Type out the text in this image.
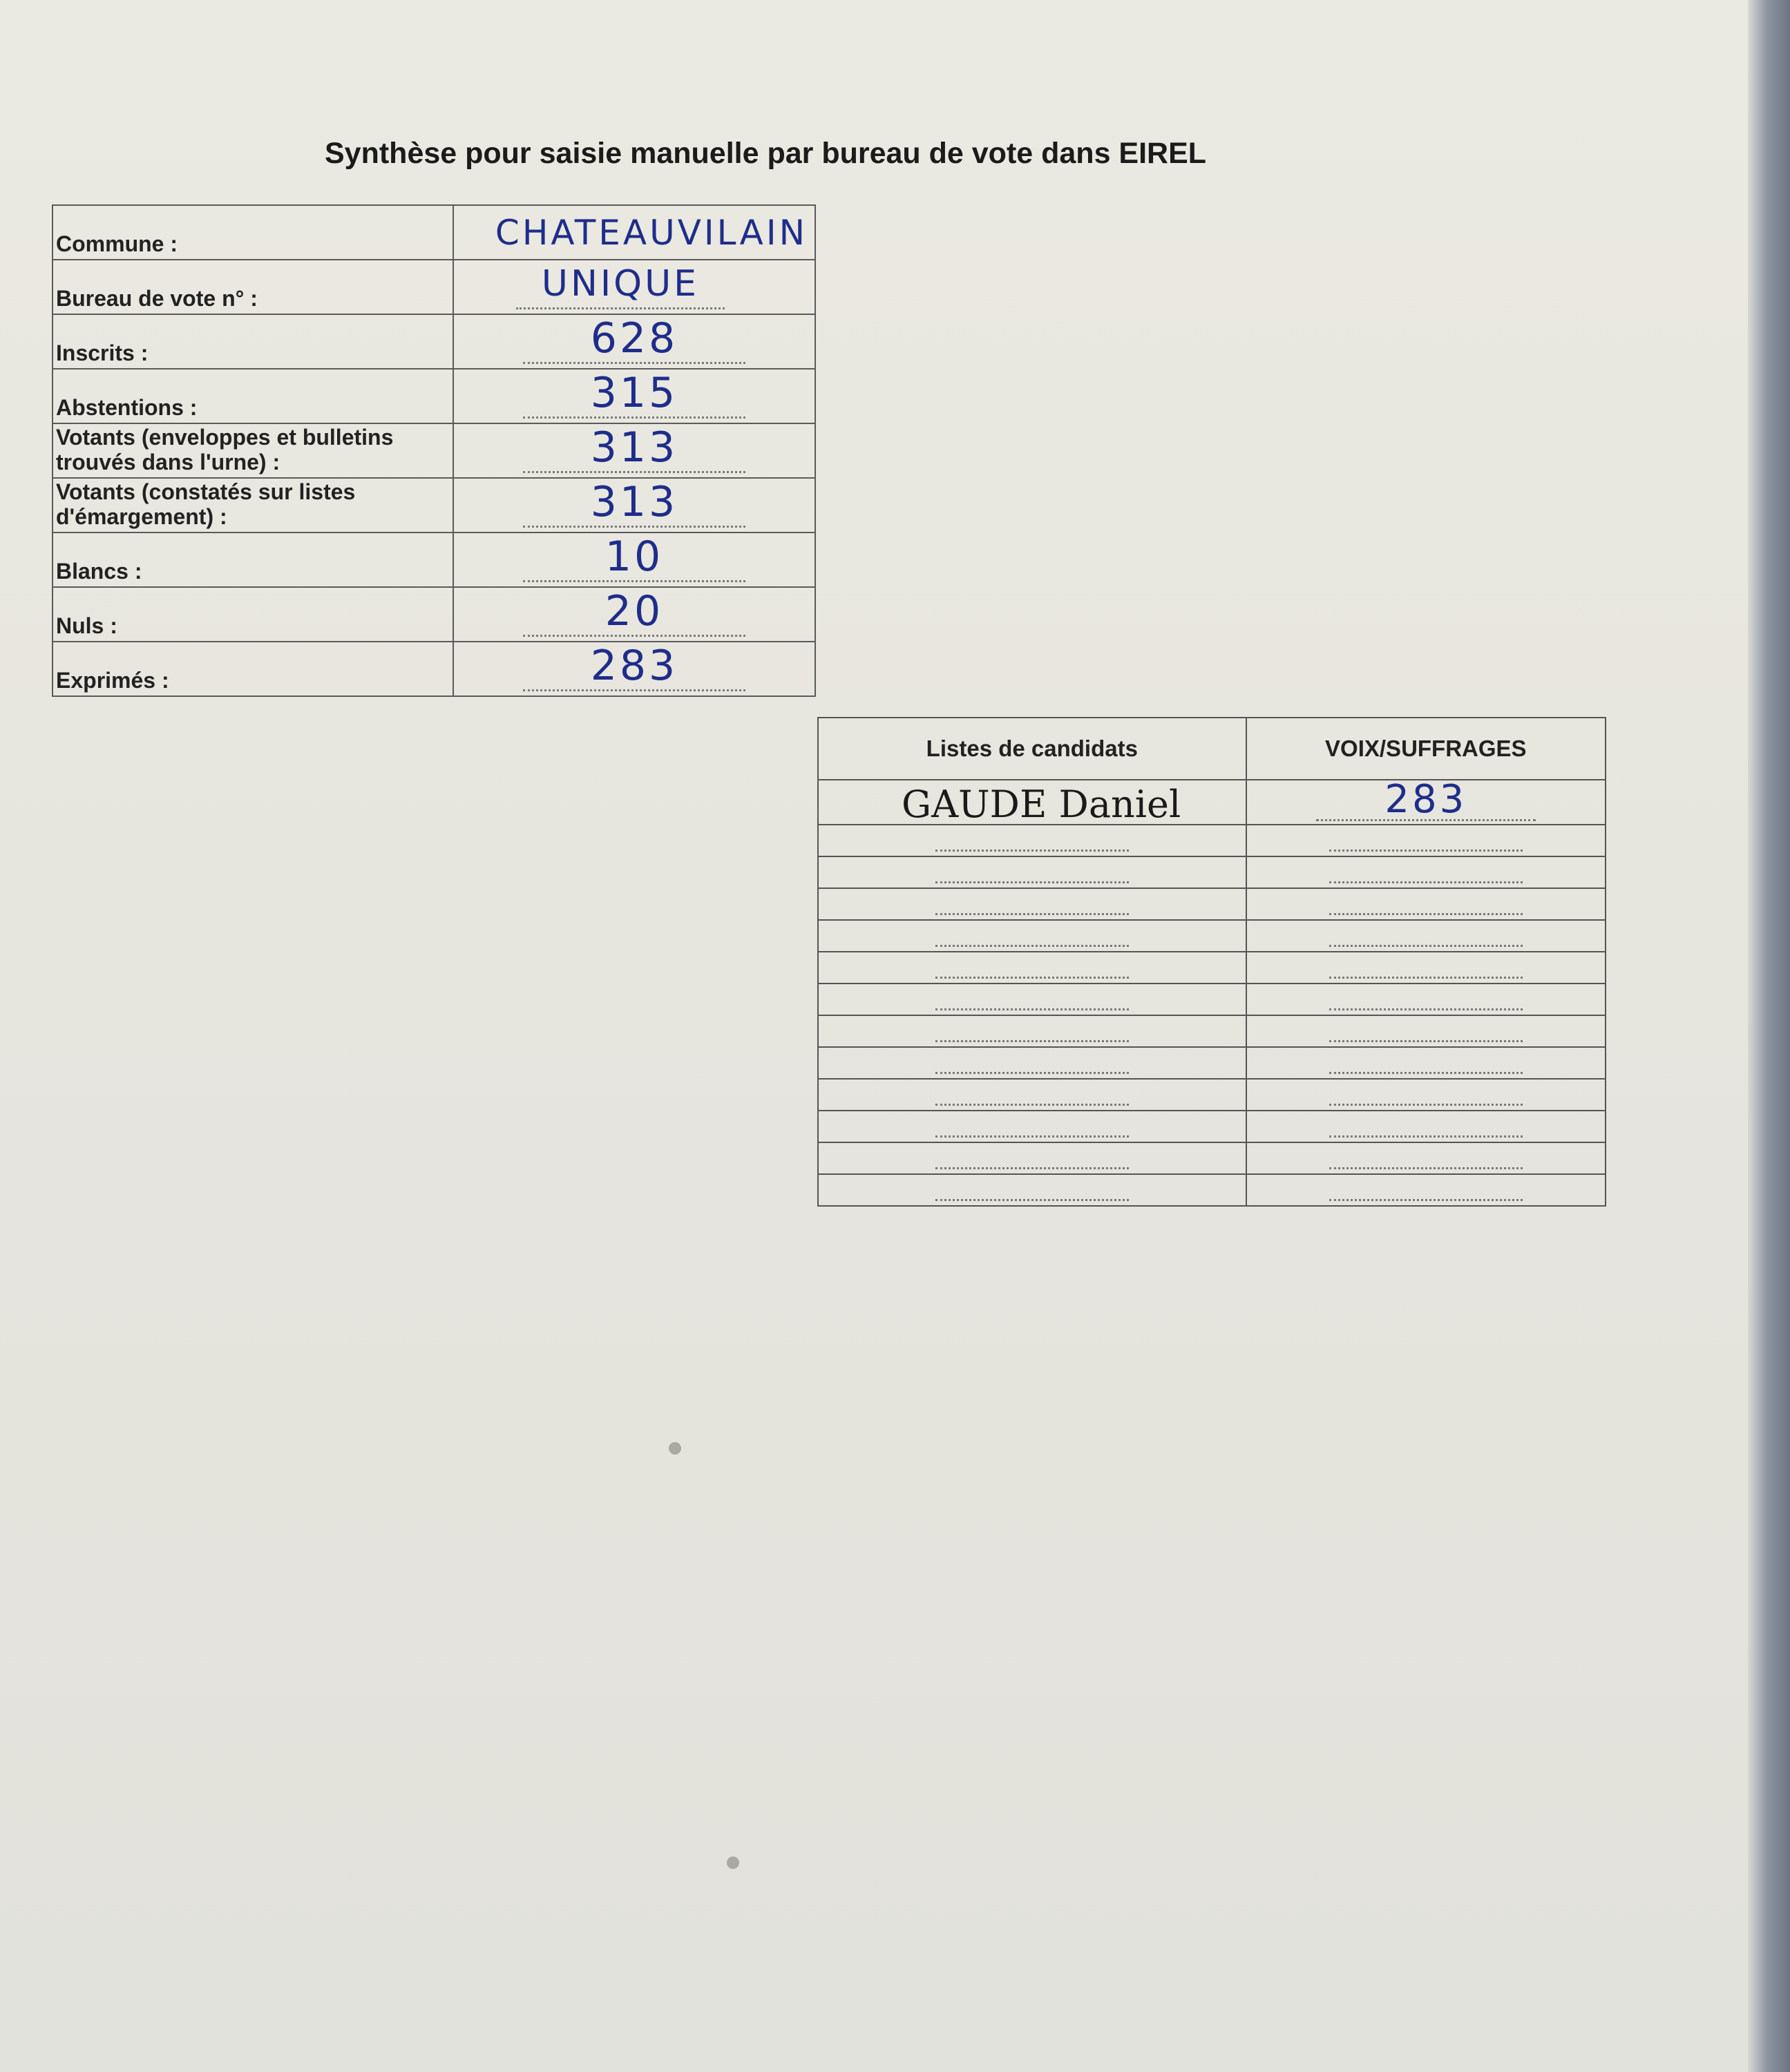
Synthèse pour saisie manuelle par bureau de vote dans EIREL
Commune :	CHATEAUVILAIN

Bureau de vote n° :	UNIQUE

Inscrits :	628

Abstentions :	315

Votants (enveloppes et bulletins trouvés dans l'urne) :	313

Votants (constatés sur listes d'émargement) :	313

Blancs :	10

Nuls :	20

Exprimés :	283
Listes de candidats	VOIX/SUFFRAGES

GAUDE Daniel	283
